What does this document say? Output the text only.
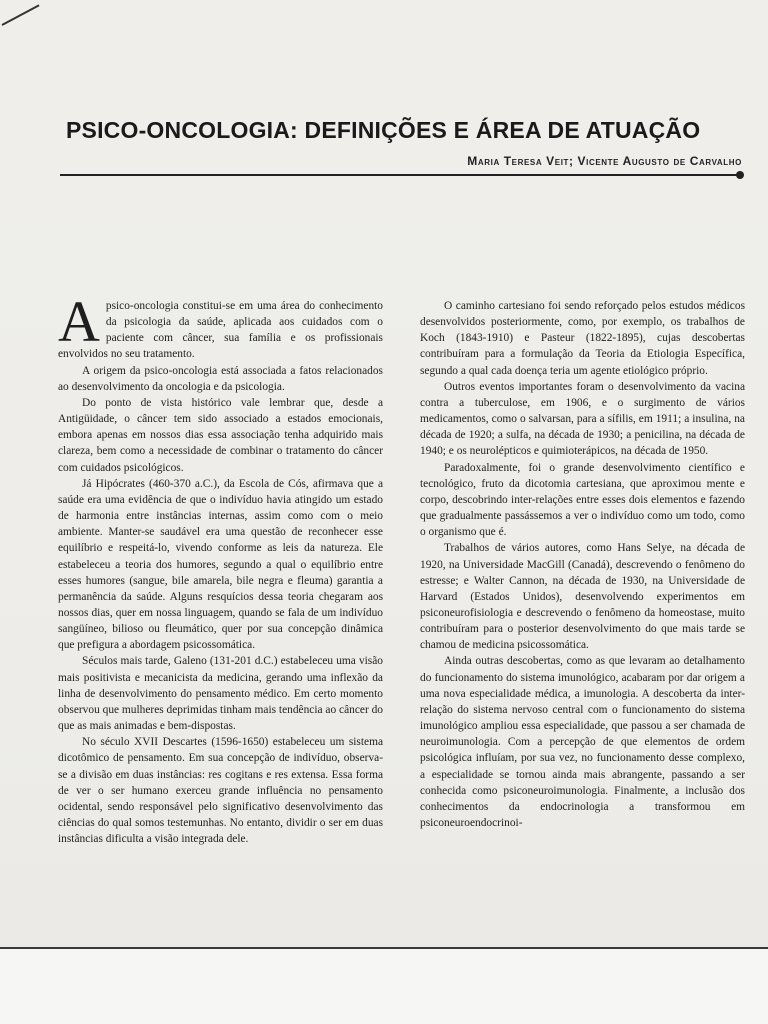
PSICO-ONCOLOGIA: DEFINIÇÕES E ÁREA DE ATUAÇÃO
Maria Teresa Veit; Vicente Augusto de Carvalho

Apsico-oncologia constitui-se em uma área do conhecimento da psicologia da saúde, aplicada aos cuidados com o paciente com câncer, sua família e os profissionais envolvidos no seu tratamento.

A origem da psico-oncologia está associada a fatos relacionados ao desenvolvimento da oncologia e da psicologia.

Do ponto de vista histórico vale lembrar que, desde a Antigüidade, o câncer tem sido associado a estados emocionais, embora apenas em nossos dias essa associação tenha adquirido mais clareza, bem como a necessidade de combinar o tratamento do câncer com cuidados psicológicos.

Já Hipócrates (460-370 a.C.), da Escola de Cós, afirmava que a saúde era uma evidência de que o indivíduo havia atingido um estado de harmonia entre instâncias internas, assim como com o meio ambiente. Manter-se saudável era uma questão de reconhecer esse equilíbrio e respeitá-lo, vivendo conforme as leis da natureza. Ele estabeleceu a teoria dos humores, segundo a qual o equilíbrio entre esses humores (sangue, bile amarela, bile negra e fleuma) garantia a permanência da saúde. Alguns resquícios dessa teoria chegaram aos nossos dias, quer em nossa linguagem, quando se fala de um indivíduo sangüíneo, bilioso ou fleumático, quer por sua concepção dinâmica que prefigura a abordagem psicossomática.

Séculos mais tarde, Galeno (131-201 d.C.) estabeleceu uma visão mais positivista e mecanicista da medicina, gerando uma inflexão da linha de desenvolvimento do pensamento médico. Em certo momento observou que mulheres deprimidas tinham mais tendência ao câncer do que as mais animadas e bem-dispostas.

No século XVII Descartes (1596-1650) estabeleceu um sistema dicotômico de pensamento. Em sua concepção de indivíduo, observa-se a divisão em duas instâncias: res cogitans e res extensa. Essa forma de ver o ser humano exerceu grande influência no pensamento ocidental, sendo responsável pelo significativo desenvolvimento das ciências do qual somos testemunhas. No entanto, dividir o ser em duas instâncias dificulta a visão integrada dele.

O caminho cartesiano foi sendo reforçado pelos estudos médicos desenvolvidos posteriormente, como, por exemplo, os trabalhos de Koch (1843-1910) e Pasteur (1822-1895), cujas descobertas contribuíram para a formulação da Teoria da Etiologia Específica, segundo a qual cada doença teria um agente etiológico próprio.

Outros eventos importantes foram o desenvolvimento da vacina contra a tuberculose, em 1906, e o surgimento de vários medicamentos, como o salvarsan, para a sífilis, em 1911; a insulina, na década de 1920; a sulfa, na década de 1930; a penicilina, na década de 1940; e os neurolépticos e quimioterápicos, na década de 1950.

Paradoxalmente, foi o grande desenvolvimento científico e tecnológico, fruto da dicotomia cartesiana, que aproximou mente e corpo, descobrindo inter-relações entre esses dois elementos e fazendo que gradualmente passássemos a ver o indivíduo como um todo, como o organismo que é.

Trabalhos de vários autores, como Hans Selye, na década de 1920, na Universidade MacGill (Canadá), descrevendo o fenômeno do estresse; e Walter Cannon, na década de 1930, na Universidade de Harvard (Estados Unidos), desenvolvendo experimentos em psiconeurofisiologia e descrevendo o fenômeno da homeostase, muito contribuíram para o posterior desenvolvimento do que mais tarde se chamou de medicina psicossomática.

Ainda outras descobertas, como as que levaram ao detalhamento do funcionamento do sistema imunológico, acabaram por dar origem a uma nova especialidade médica, a imunologia. A descoberta da inter-relação do sistema nervoso central com o funcionamento do sistema imunológico ampliou essa especialidade, que passou a ser chamada de neuroimunologia. Com a percepção de que elementos de ordem psicológica influíam, por sua vez, no funcionamento desse complexo, a especialidade se tornou ainda mais abrangente, passando a ser conhecida como psiconeuroimunologia. Finalmente, a inclusão dos conhecimentos da endocrinologia a transformou em psiconeuroendocrinoi-
